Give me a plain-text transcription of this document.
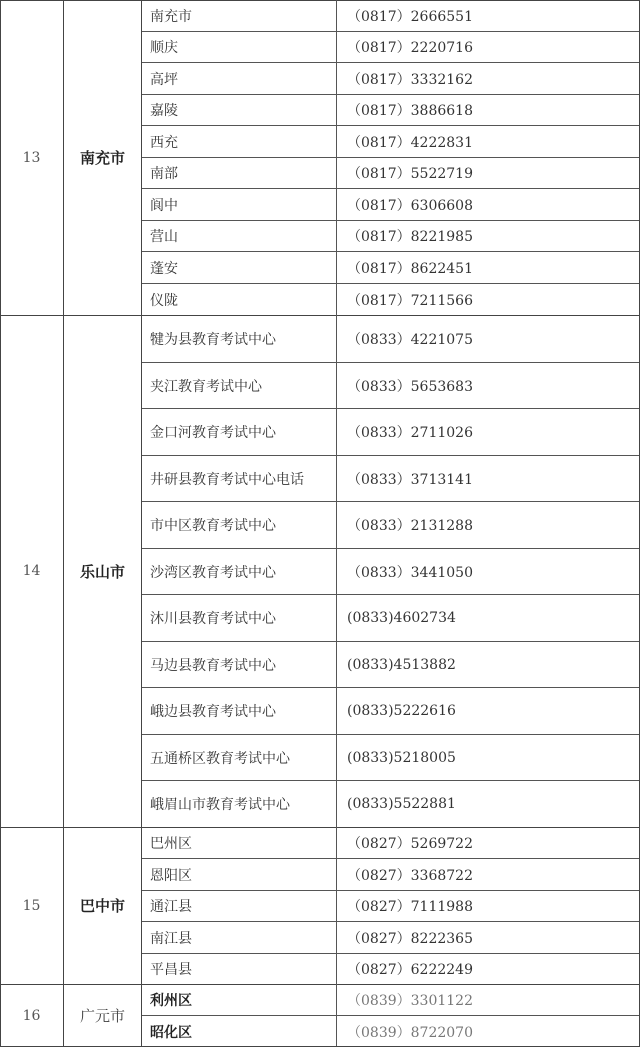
13	南充市
南充市	（0817）2666551
顺庆	（0817）2220716
高坪	（0817）3332162
嘉陵	（0817）3886618
西充	（0817）4222831
南部	（0817）5522719
阆中	（0817）6306608
营山	（0817）8221985
蓬安	（0817）8622451
仪陇	（0817）7211566
14	乐山市
犍为县教育考试中心	（0833）4221075
夹江教育考试中心	（0833）5653683
金口河教育考试中心	（0833）2711026
井研县教育考试中心电话	（0833）3713141
市中区教育考试中心	（0833）2131288
沙湾区教育考试中心	（0833）3441050
沐川县教育考试中心	(0833)4602734
马边县教育考试中心	(0833)4513882
峨边县教育考试中心	(0833)5222616
五通桥区教育考试中心	(0833)5218005
峨眉山市教育考试中心	(0833)5522881
15	巴中市
巴州区	（0827）5269722
恩阳区	（0827）3368722
通江县	（0827）7111988
南江县	（0827）8222365
平昌县	（0827）6222249
16	广元市
利州区	（0839）3301122
昭化区	（0839）8722070
